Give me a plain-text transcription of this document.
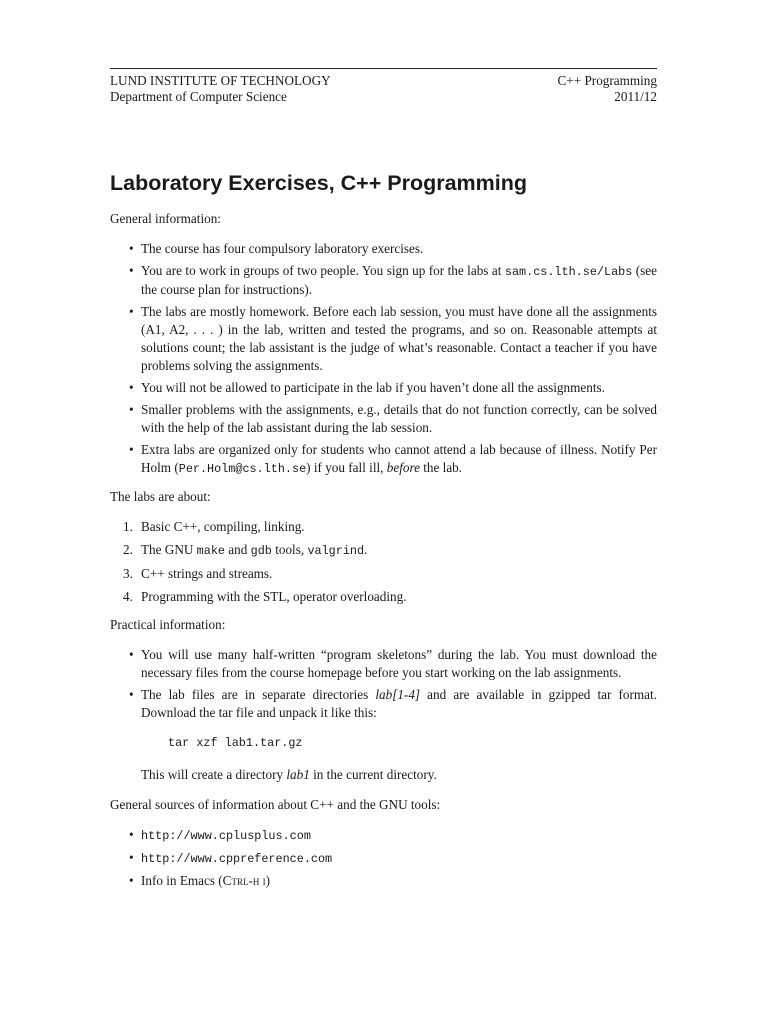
LUND INSTITUTE OF TECHNOLOGY
Department of Computer Science
C++ Programming
2011/12
Laboratory Exercises, C++ Programming

General information:

• The course has four compulsory laboratory exercises.
• You are to work in groups of two people. You sign up for the labs at sam.cs.lth.se/Labs (see the course plan for instructions).
• The labs are mostly homework. Before each lab session, you must have done all the assignments (A1, A2, . . . ) in the lab, written and tested the programs, and so on. Reasonable attempts at solutions count; the lab assistant is the judge of what’s reasonable. Contact a teacher if you have problems solving the assignments.
• You will not be allowed to participate in the lab if you haven’t done all the assignments.
• Smaller problems with the assignments, e.g., details that do not function correctly, can be solved with the help of the lab assistant during the lab session.
• Extra labs are organized only for students who cannot attend a lab because of illness. Notify Per Holm (Per.Holm@cs.lth.se) if you fall ill, before the lab.

The labs are about:

1. Basic C++, compiling, linking.
2. The GNU make and gdb tools, valgrind.
3. C++ strings and streams.
4. Programming with the STL, operator overloading.

Practical information:

• You will use many half-written “program skeletons” during the lab. You must download the necessary files from the course homepage before you start working on the lab assignments.
• The lab files are in separate directories lab[1-4] and are available in gzipped tar format. Download the tar file and unpack it like this:
tar xzf lab1.tar.gz

This will create a directory lab1 in the current directory.

General sources of information about C++ and the GNU tools:

• http://www.cplusplus.com
• http://www.cppreference.com
• Info in Emacs (Ctrl-h i)
